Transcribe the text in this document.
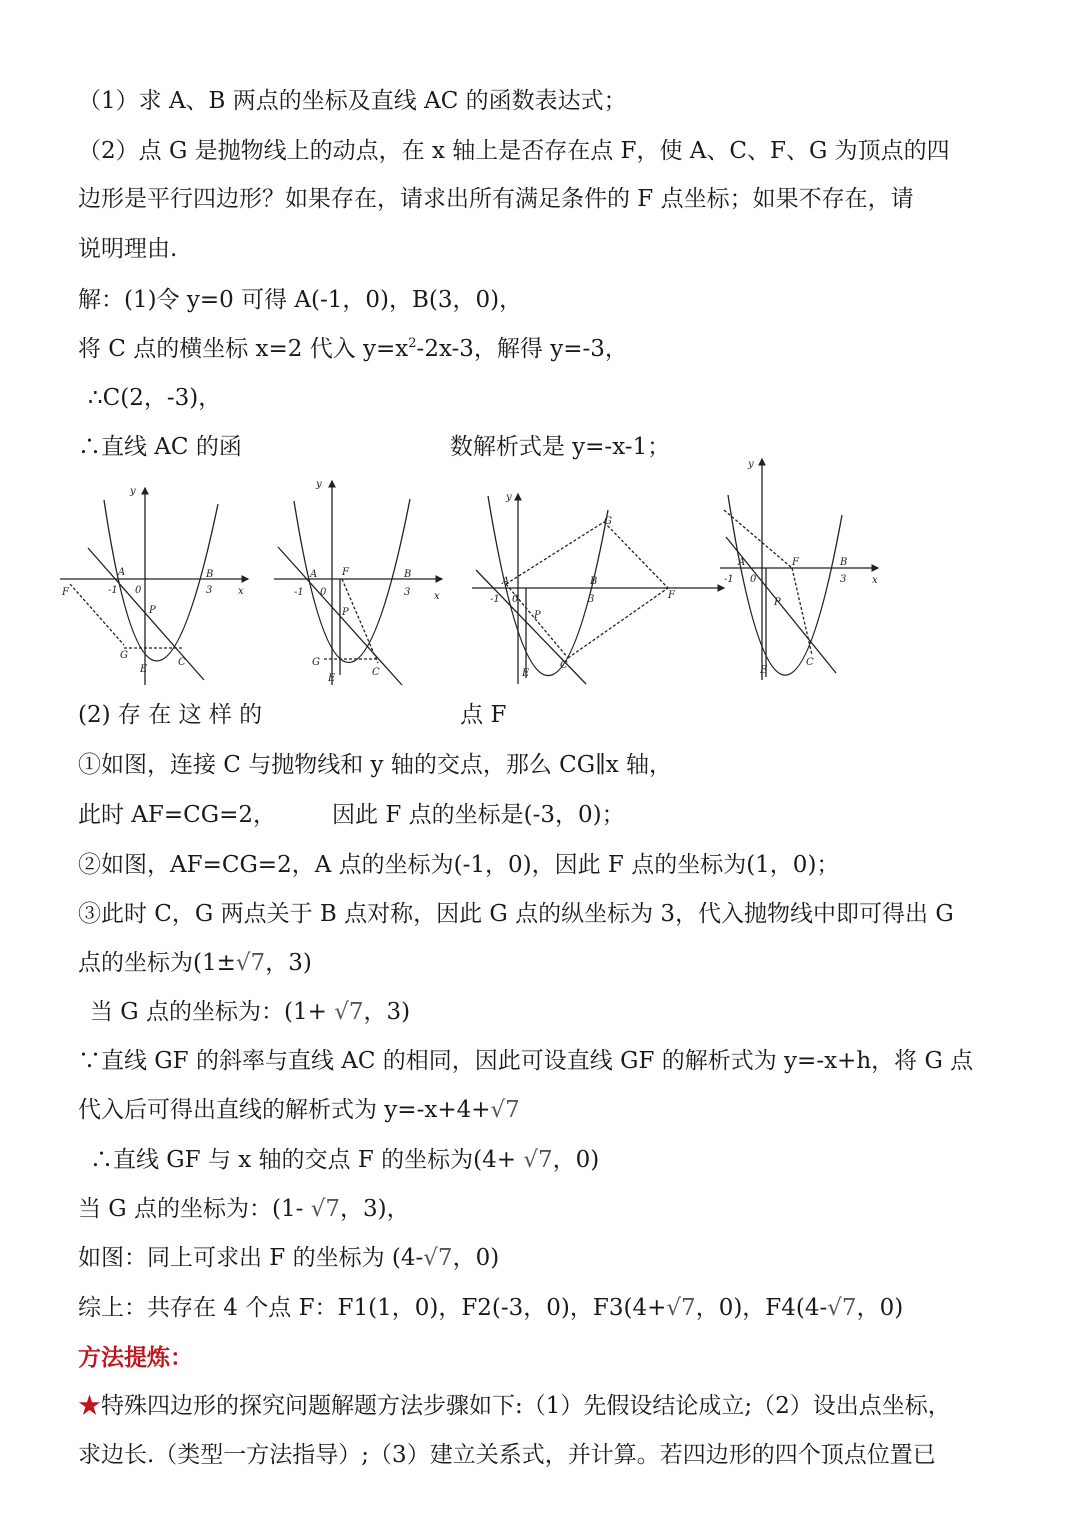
（1）求 A、B 两点的坐标及直线 AC 的函数表达式；
（2）点 G 是抛物线上的动点，在 x 轴上是否存在点 F，使 A、C、F、G 为顶点的四
边形是平行四边形？如果存在，请求出所有满足条件的 F 点坐标；如果不存在，请
说明理由.
解：(1)令 y=0 可得 A(-1，0)，B(3，0)，
将 C 点的横坐标 x=2 代入 $y=x^2-2x-3$，解得 y=-3，
∴C(2，-3)，
∴直线 AC 的函	数解析式是 y=-x-1；
y
x
A	B
F	-1 0	3
P
G
E
C
y
A F	B
-1 0	3 x
P
G
E
C
y
G
A	B
F
-1 0	3
P
E
C
y
A	F	B
-1 0	3	x
P
E
C
(2) 存 在 这 样 的	点 F
①如图，连接 C 与抛物线和 y 轴的交点，那么 CG∥x 轴，
此时 AF=CG=2， 因此 F 点的坐标是(-3，0)；
②如图，AF=CG=2，A 点的坐标为(-1，0)，因此 F 点的坐标为(1，0)；
③此时 C，G 两点关于 B 点对称，因此 G 点的纵坐标为 3，代入抛物线中即可得出 G
点的坐标为(1±√7，3)
当 G 点的坐标为：(1+ √7，3)
∵直线 GF 的斜率与直线 AC 的相同，因此可设直线 GF 的解析式为 y=-x+h，将 G 点
代入后可得出直线的解析式为 y=-x+4+√7
∴直线 GF 与 x 轴的交点 F 的坐标为(4+ √7，0)
当 G 点的坐标为：(1- √7，3)，
如图：同上可求出 F 的坐标为 (4-√7，0)
综上：共存在 4 个点 F：F1(1，0)，F2(-3，0)，F3(4+√7，0)，F4(4-√7，0)
方法提炼：
★特殊四边形的探究问题解题方法步骤如下:（1）先假设结论成立;（2）设出点坐标，
求边长.（类型一方法指导）;（3）建立关系式，并计算。若四边形的四个顶点位置已
